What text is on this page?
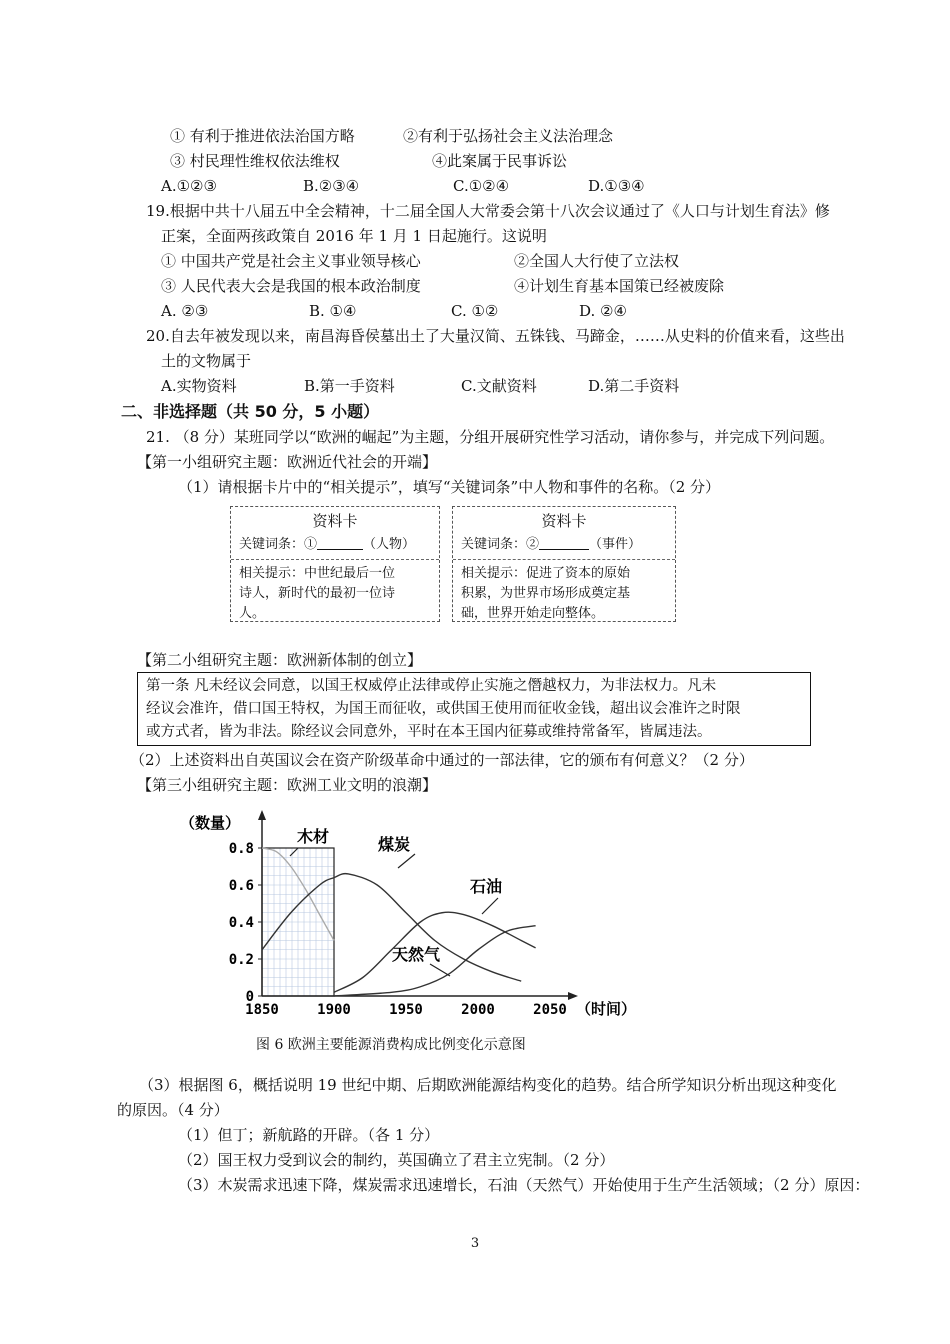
① 有利于推进依法治国方略	②有利于弘扬社会主义法治理念
③ 村民理性维权依法维权	④此案属于民事诉讼
A.①②③	B.②③④	C.①②④	D.①③④
19.根据中共十八届五中全会精神，十二届全国人大常委会第十八次会议通过了《人口与计划生育法》修
正案，全面两孩政策自 2016 年 1 月 1 日起施行。这说明
① 中国共产党是社会主义事业领导核心	②全国人大行使了立法权
③ 人民代表大会是我国的根本政治制度	④计划生育基本国策已经被废除
A. ②③	B. ①④	C. ①②	D. ②④
20.自去年被发现以来，南昌海昏侯墓出土了大量汉简、五铢钱、马蹄金，……从史料的价值来看，这些出
土的文物属于
A.实物资料	B.第一手资料	C.文献资料	D.第二手资料
二、非选择题（共 50 分，5 小题）
21. （8 分）某班同学以“欧洲的崛起”为主题，分组开展研究性学习活动，请你参与，并完成下列问题。
【第一小组研究主题：欧洲近代社会的开端】
（1）请根据卡片中的“相关提示”，填写“关键词条”中人物和事件的名称。（2 分）
资料卡
关键词条：①	（人物）
相关提示：中世纪最后一位
诗人，新时代的最初一位诗
人。
资料卡
关键词条：②	（事件）
相关提示：促进了资本的原始
积累，为世界市场形成奠定基
础，世界开始走向整体。
【第二小组研究主题：欧洲新体制的创立】
第一条 凡未经议会同意，以国王权威停止法律或停止实施之僭越权力，为非法权力。凡未
经议会准许，借口国王特权，为国王而征收，或供国王使用而征收金钱，超出议会准许之时限
或方式者，皆为非法。除经议会同意外，平时在本王国内征募或维持常备军，皆属违法。
（2）上述资料出自英国议会在资产阶级革命中通过的一部法律，它的颁布有何意义？（2 分）
【第三小组研究主题：欧洲工业文明的浪潮】
0
0.2
0.4
0.6
0.8
1850	1900	1950	2000	2050
（数量）
（时间）
木材	煤炭
石油
天然气
图 6 欧洲主要能源消费构成比例变化示意图
（3）根据图 6，概括说明 19 世纪中期、后期欧洲能源结构变化的趋势。结合所学知识分析出现这种变化
的原因。（4 分）
（1）但丁；新航路的开辟。（各 1 分）
（2）国王权力受到议会的制约，英国确立了君主立宪制。（2 分）
（3）木炭需求迅速下降，煤炭需求迅速增长，石油（天然气）开始使用于生产生活领域；（2 分）原因：
3
